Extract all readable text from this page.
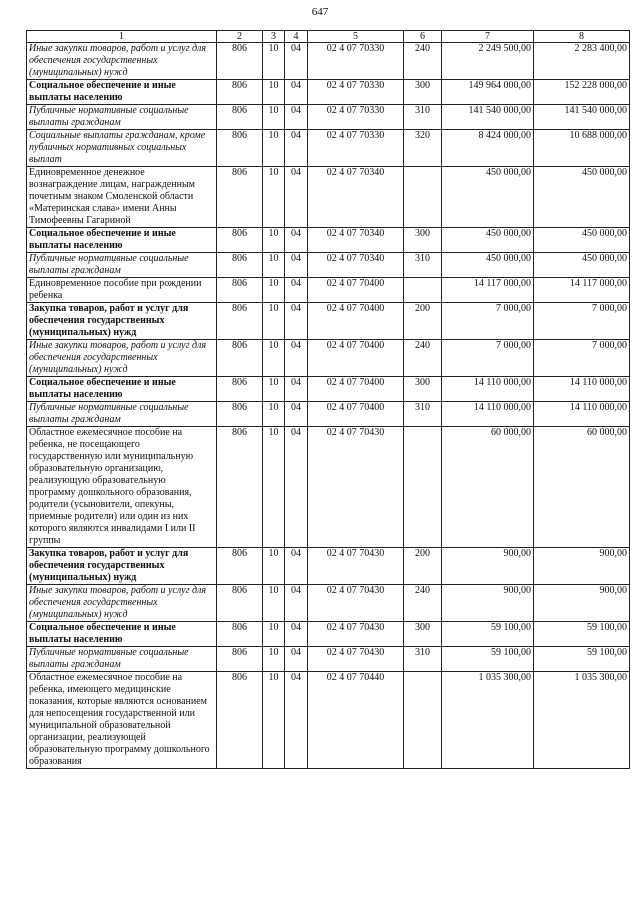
647
1	2	3	4	5	6	7	8
Иные закупки товаров, работ и услуг для обеспечения государственных (муниципальных) нужд	806	10	04	02 4 07 70330	240	2 249 500,00	2 283 400,00
Социальное обеспечение и иные выплаты населению	806	10	04	02 4 07 70330	300	149 964 000,00	152 228 000,00
Публичные нормативные социальные выплаты гражданам	806	10	04	02 4 07 70330	310	141 540 000,00	141 540 000,00
Социальные выплаты гражданам, кроме публичных нормативных социальных выплат	806	10	04	02 4 07 70330	320	8 424 000,00	10 688 000,00
Единовременное денежное вознаграждение лицам, награжденным почетным знаком Смоленской области «Материнская слава» имени Анны Тимофеевны Гагариной	806	10	04	02 4 07 70340		450 000,00	450 000,00
Социальное обеспечение и иные выплаты населению	806	10	04	02 4 07 70340	300	450 000,00	450 000,00
Публичные нормативные социальные выплаты гражданам	806	10	04	02 4 07 70340	310	450 000,00	450 000,00
Единовременное пособие при рождении ребенка	806	10	04	02 4 07 70400		14 117 000,00	14 117 000,00
Закупка товаров, работ и услуг для обеспечения государственных (муниципальных) нужд	806	10	04	02 4 07 70400	200	7 000,00	7 000,00
Иные закупки товаров, работ и услуг для обеспечения государственных (муниципальных) нужд	806	10	04	02 4 07 70400	240	7 000,00	7 000,00
Социальное обеспечение и иные выплаты населению	806	10	04	02 4 07 70400	300	14 110 000,00	14 110 000,00
Публичные нормативные социальные выплаты гражданам	806	10	04	02 4 07 70400	310	14 110 000,00	14 110 000,00
Областное ежемесячное пособие на ребенка, не посещающего государственную или муниципальную образовательную организацию, реализующую образовательную программу дошкольного образования, родители (усыновители, опекуны, приемные родители) или один из них которого являются инвалидами I или II группы	806	10	04	02 4 07 70430		60 000,00	60 000,00
Закупка товаров, работ и услуг для обеспечения государственных (муниципальных) нужд	806	10	04	02 4 07 70430	200	900,00	900,00
Иные закупки товаров, работ и услуг для обеспечения государственных (муниципальных) нужд	806	10	04	02 4 07 70430	240	900,00	900,00
Социальное обеспечение и иные выплаты населению	806	10	04	02 4 07 70430	300	59 100,00	59 100,00
Публичные нормативные социальные выплаты гражданам	806	10	04	02 4 07 70430	310	59 100,00	59 100,00
Областное ежемесячное пособие на ребенка, имеющего медицинские показания, которые являются основанием для непосещения государственной или муниципальной образовательной организации, реализующей образовательную программу дошкольного образования	806	10	04	02 4 07 70440		1 035 300,00	1 035 300,00
